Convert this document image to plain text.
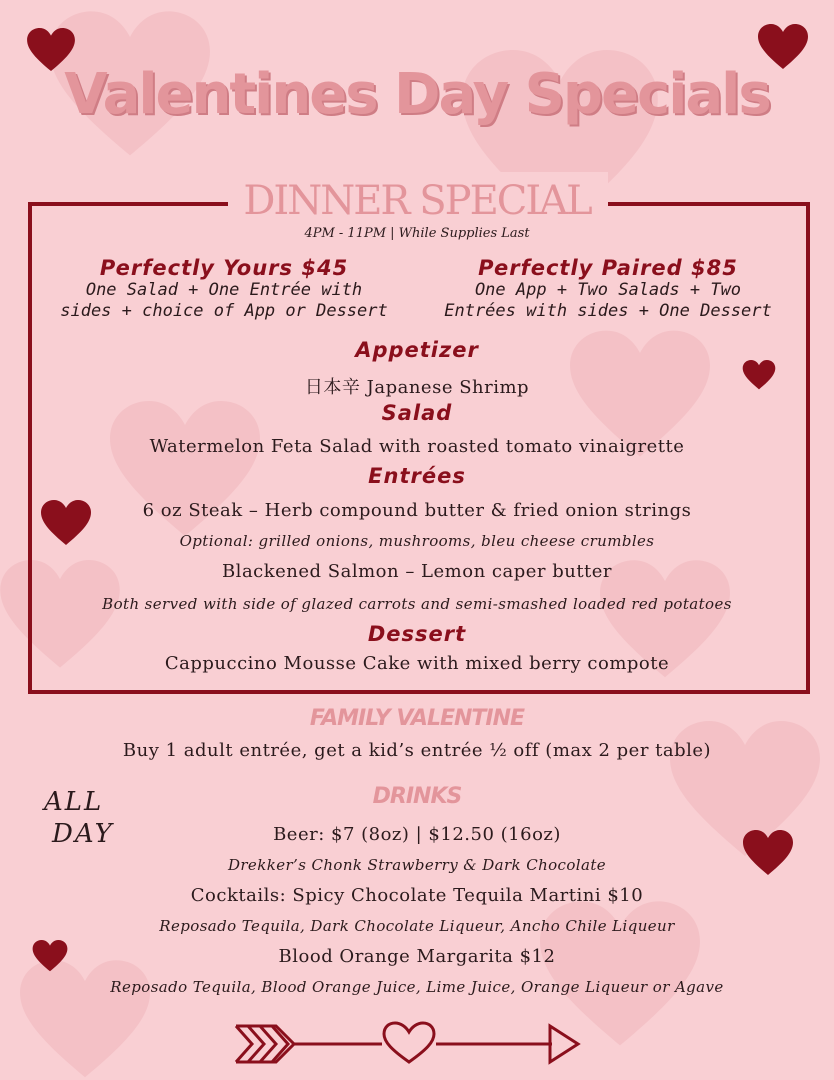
Valentines Day Specials
DINNER SPECIAL
4PM - 11PM | While Supplies Last
Perfectly Yours $45
One Salad + One Entrée with
sides + choice of App or Dessert
Perfectly Paired $85
One App + Two Salads + Two
Entrées with sides + One Dessert
Appetizer
日本辛 Japanese Shrimp
Salad
Watermelon Feta Salad with roasted tomato vinaigrette
Entrées
6 oz Steak – Herb compound butter & fried onion strings
Optional: grilled onions, mushrooms, bleu cheese crumbles
Blackened Salmon – Lemon caper butter
Both served with side of glazed carrots and semi-smashed loaded red potatoes
Dessert
Cappuccino Mousse Cake with mixed berry compote
FAMILY VALENTINE
Buy 1 adult entrée, get a kid’s entrée ½ off (max 2 per table)
ALL
DAY
DRINKS
Beer: $7 (8oz) | $12.50 (16oz)
Drekker’s Chonk Strawberry & Dark Chocolate
Cocktails: Spicy Chocolate Tequila Martini $10
Reposado Tequila, Dark Chocolate Liqueur, Ancho Chile Liqueur
Blood Orange Margarita $12
Reposado Tequila, Blood Orange Juice, Lime Juice, Orange Liqueur or Agave
